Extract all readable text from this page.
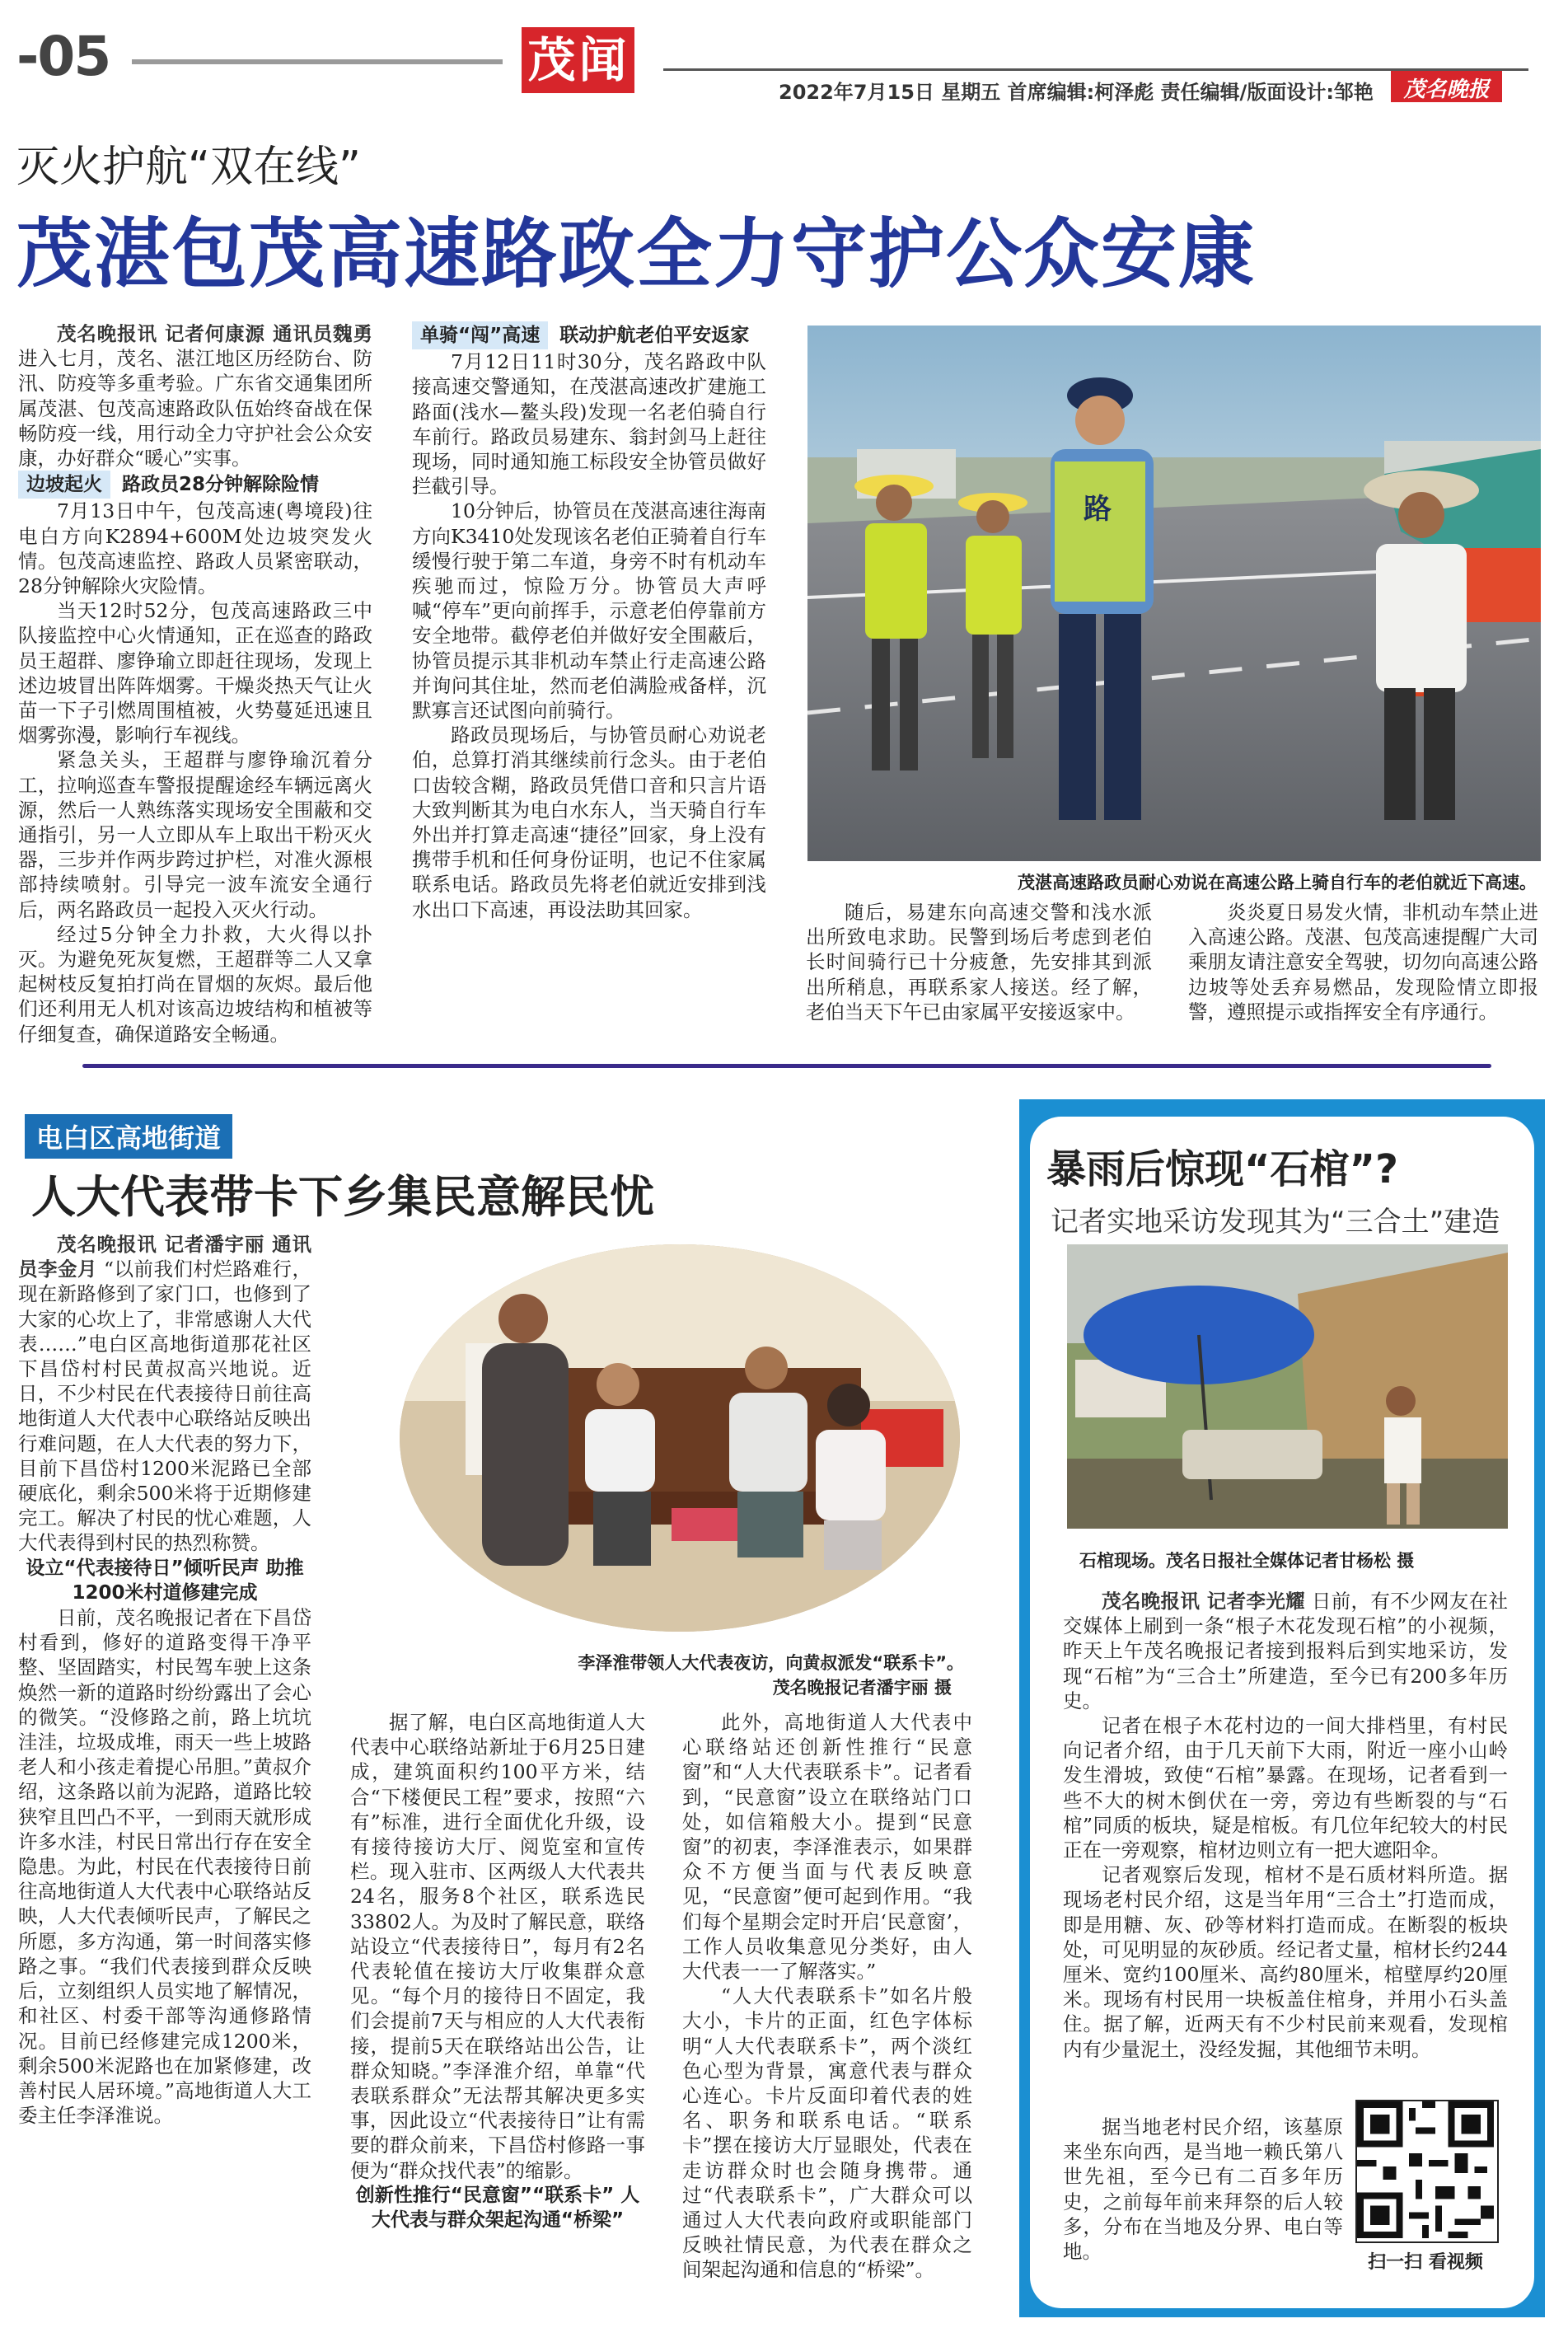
-05	茂闻
2022年7月15日 星期五 首席编辑:柯泽彪 责任编辑/版面设计:邹艳	茂名晚报
灭火护航“双在线”
茂湛包茂高速路政全力守护公众安康

茂名晚报讯 记者何康源 通讯员魏勇 进入七月，茂名、湛江地区历经防台、防汛、防疫等多重考验。广东省交通集团所属茂湛、包茂高速路政队伍始终奋战在保畅防疫一线，用行动全力守护社会公众安康，办好群众“暖心”实事。

边坡起火 路政员28分钟解除险情

7月13日中午，包茂高速(粤境段)往电白方向K2894+600M处边坡突发火情。包茂高速监控、路政人员紧密联动，28分钟解除火灾险情。

当天12时52分，包茂高速路政三中队接监控中心火情通知，正在巡查的路政员王超群、廖铮瑜立即赶往现场，发现上述边坡冒出阵阵烟雾。干燥炎热天气让火苗一下子引燃周围植被，火势蔓延迅速且烟雾弥漫，影响行车视线。

紧急关头，王超群与廖铮瑜沉着分工，拉响巡查车警报提醒途经车辆远离火源，然后一人熟练落实现场安全围蔽和交通指引，另一人立即从车上取出干粉灭火器，三步并作两步跨过护栏，对准火源根部持续喷射。引导完一波车流安全通行后，两名路政员一起投入灭火行动。

经过5分钟全力扑救，大火得以扑灭。为避免死灰复燃，王超群等二人又拿起树枝反复拍打尚在冒烟的灰烬。最后他们还利用无人机对该高边坡结构和植被等仔细复查，确保道路安全畅通。

单骑“闯”高速 联动护航老伯平安返家

7月12日11时30分，茂名路政中队接高速交警通知，在茂湛高速改扩建施工路面(浅水—鳌头段)发现一名老伯骑自行车前行。路政员易建东、翁封剑马上赶往现场，同时通知施工标段安全协管员做好拦截引导。

10分钟后，协管员在茂湛高速往海南方向K3410处发现该名老伯正骑着自行车缓慢行驶于第二车道，身旁不时有机动车疾驰而过，惊险万分。协管员大声呼喊“停车”更向前挥手，示意老伯停靠前方安全地带。截停老伯并做好安全围蔽后，协管员提示其非机动车禁止行走高速公路并询问其住址，然而老伯满脸戒备样，沉默寡言还试图向前骑行。

路政员现场后，与协管员耐心劝说老伯，总算打消其继续前行念头。由于老伯口齿较含糊，路政员凭借口音和只言片语大致判断其为电白水东人，当天骑自行车外出并打算走高速“捷径”回家，身上没有携带手机和任何身份证明，也记不住家属联系电话。路政员先将老伯就近安排到浅水出口下高速，再设法助其回家。

路
茂湛高速路政员耐心劝说在高速公路上骑自行车的老伯就近下高速。

随后，易建东向高速交警和浅水派出所致电求助。民警到场后考虑到老伯长时间骑行已十分疲惫，先安排其到派出所稍息，再联系家人接送。经了解，老伯当天下午已由家属平安接返家中。

炎炎夏日易发火情，非机动车禁止进入高速公路。茂湛、包茂高速提醒广大司乘朋友请注意安全驾驶，切勿向高速公路边坡等处丢弃易燃品，发现险情立即报警，遵照提示或指挥安全有序通行。

电白区高地街道
人大代表带卡下乡集民意解民忧

茂名晚报讯 记者潘宇丽 通讯员李金月 “以前我们村烂路难行，现在新路修到了家门口，也修到了大家的心坎上了，非常感谢人大代表……”电白区高地街道那花社区下昌岱村村民黄叔高兴地说。近日，不少村民在代表接待日前往高地街道人大代表中心联络站反映出行难问题，在人大代表的努力下，目前下昌岱村1200米泥路已全部硬底化，剩余500米将于近期修建完工。解决了村民的忧心难题，人大代表得到村民的热烈称赞。

设立“代表接待日”倾听民声 助推1200米村道修建完成

日前，茂名晚报记者在下昌岱村看到，修好的道路变得干净平整、坚固踏实，村民驾车驶上这条焕然一新的道路时纷纷露出了会心的微笑。“没修路之前，路上坑坑洼洼，垃圾成堆，雨天一些上坡路老人和小孩走着提心吊胆。”黄叔介绍，这条路以前为泥路，道路比较狭窄且凹凸不平，一到雨天就形成许多水洼，村民日常出行存在安全隐患。为此，村民在代表接待日前往高地街道人大代表中心联络站反映，人大代表倾听民声，了解民之所愿，多方沟通，第一时间落实修路之事。“我们代表接到群众反映后，立刻组织人员实地了解情况，和社区、村委干部等沟通修路情况。目前已经修建完成1200米，剩余500米泥路也在加紧修建，改善村民人居环境。”高地街道人大工委主任李泽淮说。

李泽淮带领人大代表夜访，向黄叔派发“联系卡”。
茂名晚报记者潘宇丽 摄

据了解，电白区高地街道人大代表中心联络站新址于6月25日建成，建筑面积约100平方米，结合“下楼便民工程”要求，按照“六有”标准，进行全面优化升级，设有接待接访大厅、阅览室和宣传栏。现入驻市、区两级人大代表共24名，服务8个社区，联系选民33802人。为及时了解民意，联络站设立“代表接待日”，每月有2名代表轮值在接访大厅收集群众意见。“每个月的接待日不固定，我们会提前7天与相应的人大代表衔接，提前5天在联络站出公告，让群众知晓。”李泽淮介绍，单靠“代表联系群众”无法帮其解决更多实事，因此设立“代表接待日”让有需要的群众前来，下昌岱村修路一事便为“群众找代表”的缩影。

创新性推行“民意窗”“联系卡” 人大代表与群众架起沟通“桥梁”

此外，高地街道人大代表中心联络站还创新性推行“民意窗”和“人大代表联系卡”。记者看到，“民意窗”设立在联络站门口处，如信箱般大小。提到“民意窗”的初衷，李泽淮表示，如果群众不方便当面与代表反映意见，“民意窗”便可起到作用。“我们每个星期会定时开启‘民意窗’，工作人员收集意见分类好，由人大代表一一了解落实。”

“人大代表联系卡”如名片般大小，卡片的正面，红色字体标明“人大代表联系卡”，两个淡红色心型为背景，寓意代表与群众心连心。卡片反面印着代表的姓名、职务和联系电话。“联系卡”摆在接访大厅显眼处，代表在走访群众时也会随身携带。通过“代表联系卡”，广大群众可以通过人大代表向政府或职能部门反映社情民意，为代表在群众之间架起沟通和信息的“桥梁”。

暴雨后惊现“石棺”?
记者实地采访发现其为“三合土”建造
石棺现场。茂名日报社全媒体记者甘杨松 摄

茂名晚报讯 记者李光耀 日前，有不少网友在社交媒体上刷到一条“根子木花发现石棺”的小视频，昨天上午茂名晚报记者接到报料后到实地采访，发现“石棺”为“三合土”所建造，至今已有200多年历史。

记者在根子木花村边的一间大排档里，有村民向记者介绍，由于几天前下大雨，附近一座小山岭发生滑坡，致使“石棺”暴露。在现场，记者看到一些不大的树木倒伏在一旁，旁边有些断裂的与“石棺”同质的板块，疑是棺板。有几位年纪较大的村民正在一旁观察，棺材边则立有一把大遮阳伞。

记者观察后发现，棺材不是石质材料所造。据现场老村民介绍，这是当年用“三合土”打造而成，即是用糖、灰、砂等材料打造而成。在断裂的板块处，可见明显的灰砂质。经记者丈量，棺材长约244厘米、宽约100厘米、高约80厘米，棺壁厚约20厘米。现场有村民用一块板盖住棺身，并用小石头盖住。据了解，近两天有不少村民前来观看，发现棺内有少量泥土，没经发掘，其他细节未明。

据当地老村民介绍，该墓原来坐东向西，是当地一赖氏第八世先祖，至今已有二百多年历史，之前每年前来拜祭的后人较多，分布在当地及分界、电白等地。	扫一扫 看视频
